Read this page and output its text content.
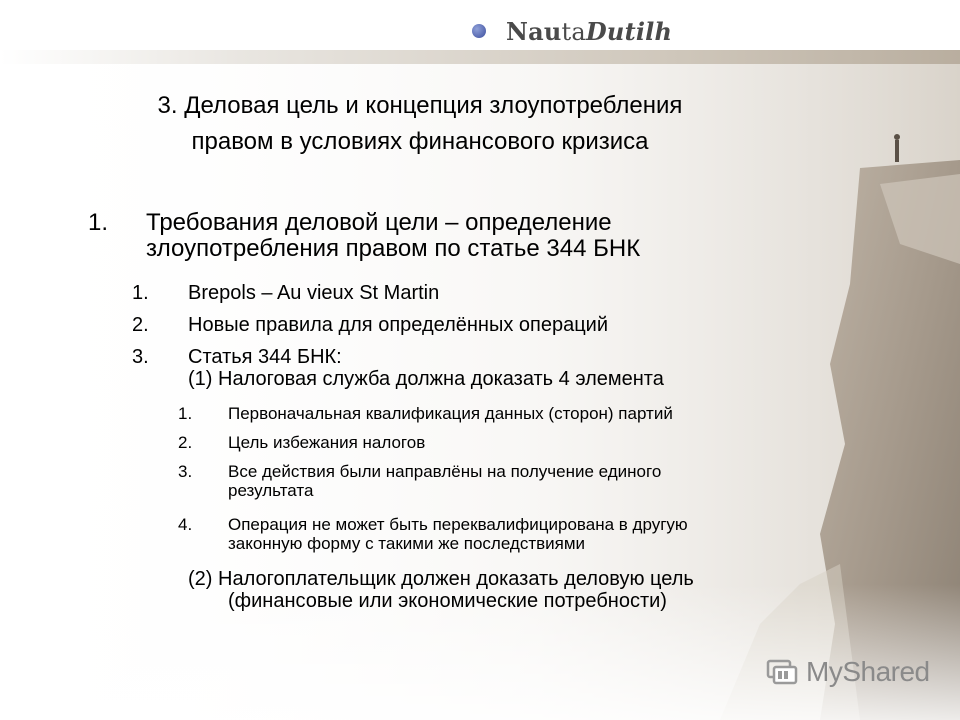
NautaDutilh
3. Деловая цель и концепция злоупотребления
правом в условиях финансового кризиса
1. Требования деловой цели – определение
злоупотребления правом по статье 344 БНК
1. Brepols – Au vieux St Martin
2. Новые правила для определённых операций
3. Статья 344 БНК:
(1) Налоговая служба должна доказать 4 элемента
1. Первоначальная квалификация данных (сторон) партий
2. Цель избежания налогов
3. Все действия были направлёны на получение единого
результата
4. Операция не может быть переквалифицирована в другую
законную форму с такими же последствиями
(2) Налогоплательщик должен доказать деловую цель
(финансовые или экономические потребности)
MyShared
